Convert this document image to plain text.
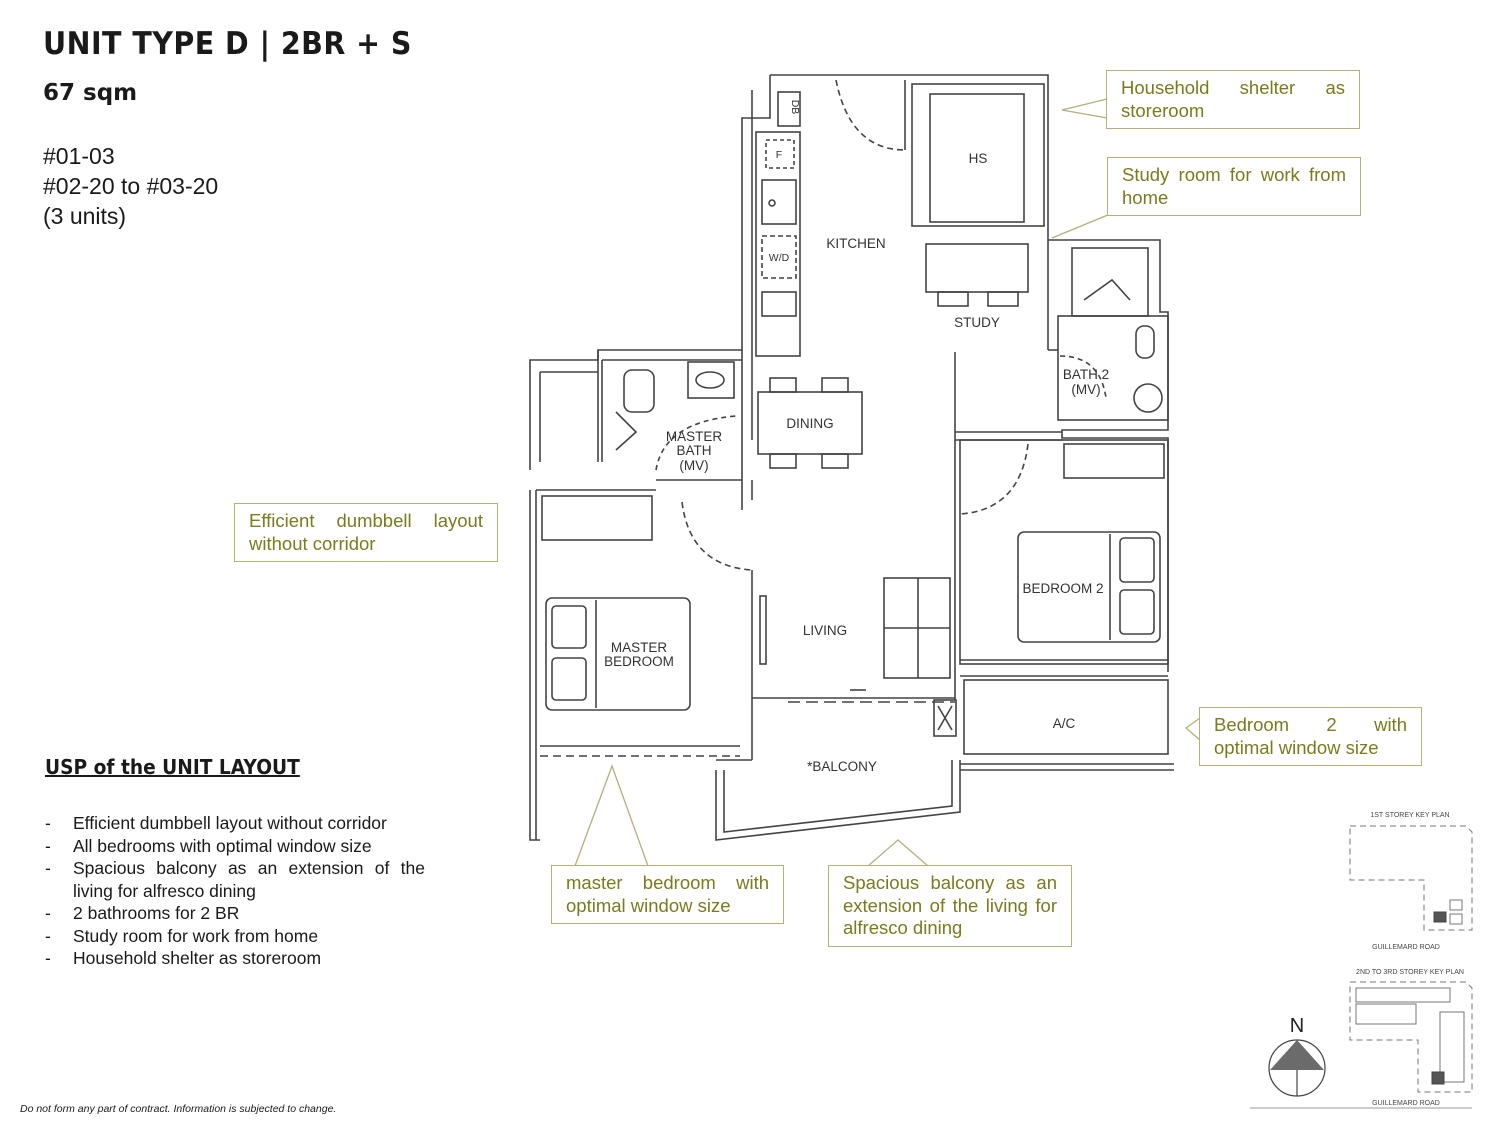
UNIT TYPE D | 2BR + S
67 sqm
#01-03
#02-20 to #03-20
(3 units)
USP of the UNIT LAYOUT
- Efficient dumbbell layout without corridor
- All bedrooms with optimal window size
- Spacious balcony as an extension of the living for alfresco dining
- 2 bathrooms for 2 BR
- Study room for work from home
- Household shelter as storeroom
DB
F	HS
KITCHEN
W/D
STUDY
BATH 2
(MV)
MASTER
BATH
(MV)
DINING
BEDROOM 2
LIVING
MASTER
BEDROOM
A/C
*BALCONY
1ST STOREY KEY PLAN
GUILLEMARD ROAD
2ND TO 3RD STOREY KEY PLAN
GUILLEMARD ROAD
N
Household shelter as storeroom
Study room for work from home
Efficient dumbbell layout without corridor
Bedroom 2 with optimal window size
master bedroom with optimal window size
Spacious balcony as an extension of the living for alfresco dining
Do not form any part of contract. Information is subjected to change.
